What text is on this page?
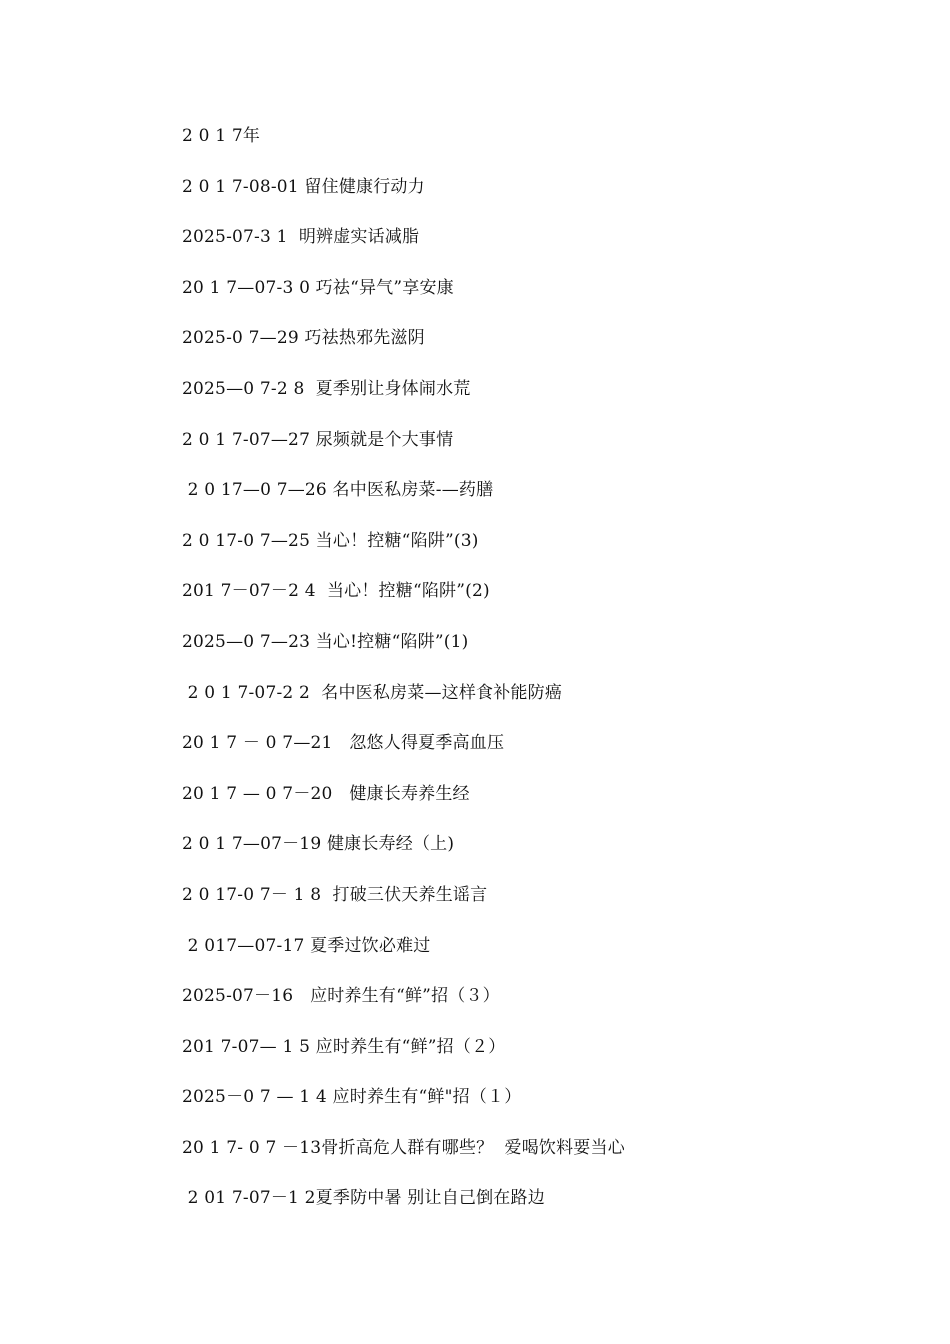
2 0 1 7年
2 0 1 7-08-01 留住健康行动力
2025-07-3 1  明辨虚实话减脂
20 1 7—07-3 0 巧祛“异气”享安康
2025-0 7—29 巧祛热邪先滋阴
2025—0 7-2 8  夏季别让身体闹水荒
2 0 1 7-07—27 尿频就是个大事情
2 0 17—0 7—26 名中医私房菜-—药膳
2 0 17-0 7—25 当心！控糖“陷阱”(3)
201 7－07－2 4  当心！控糖“陷阱”(2)
2025—0 7—23 当心!控糖“陷阱”(1)
2 0 1 7-07-2 2  名中医私房菜—这样食补能防癌
20 1 7 － 0 7—21   忽悠人得夏季高血压
20 1 7 — 0 7－20   健康长寿养生经
2 0 1 7—07－19 健康长寿经（上)
2 0 17-0 7－ 1 8  打破三伏天养生谣言
2 017—07-17 夏季过饮必难过
2025-07－16   应时养生有“鲜”招（３）
201 7-07— 1 5 应时养生有“鲜”招（２）
2025－0 7 — 1 4 应时养生有“鲜"招（１）
20 1 7- 0 7 －13骨折高危人群有哪些？  爱喝饮料要当心
2 01 7-07－1 2夏季防中暑 别让自己倒在路边
